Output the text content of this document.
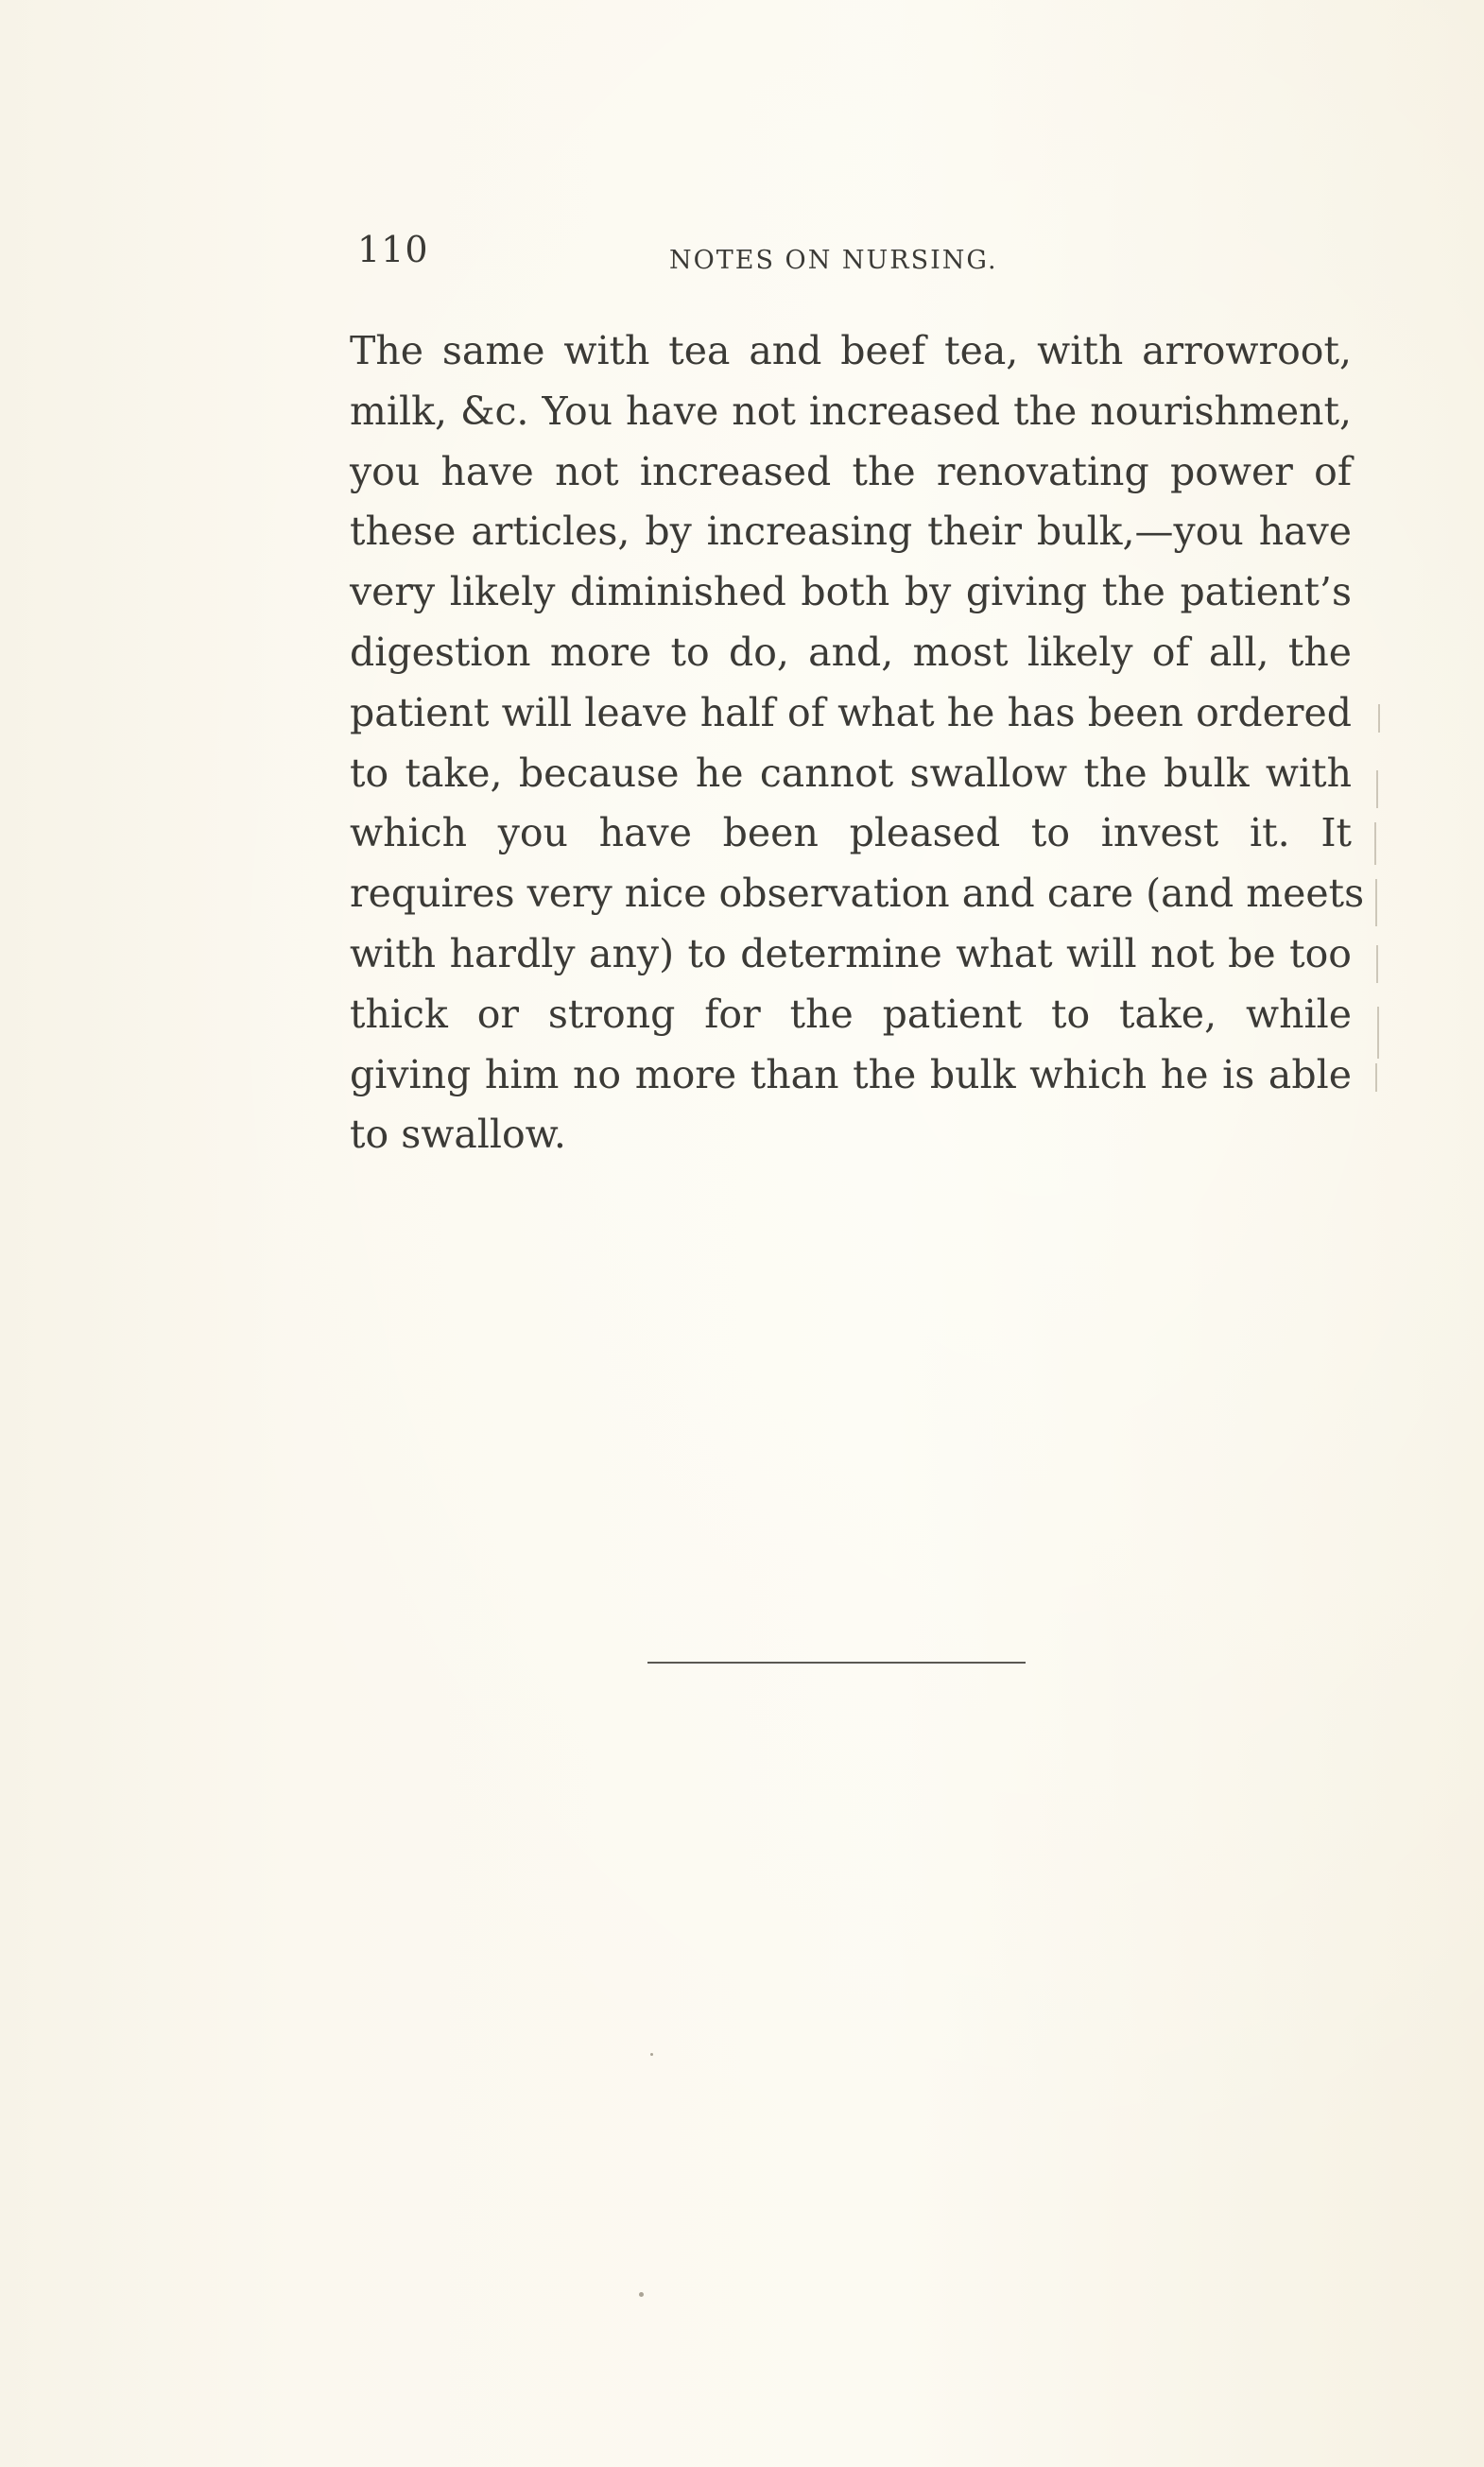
110	NOTES ON NURSING.
The same with tea and beef tea, with arrowroot,
milk, &c. You have not increased the nourishment,
you have not increased the renovating power of
these articles, by increasing their bulk,—you have
very likely diminished both by giving the patient’s
digestion more to do, and, most likely of all, the
patient will leave half of what he has been ordered
to take, because he cannot swallow the bulk with
which you have been pleased to invest it. It
requires very nice observation and care (and meets
with hardly any) to determine what will not be too
thick or strong for the patient to take, while
giving him no more than the bulk which he is able
to swallow.
